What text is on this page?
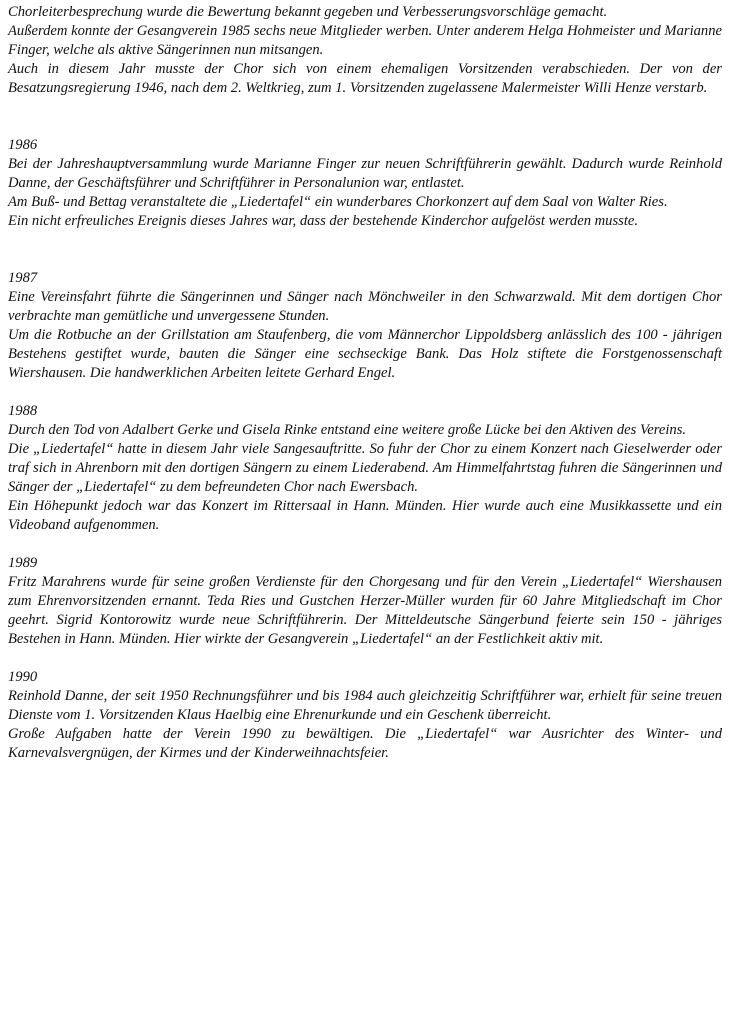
Chorleiterbesprechung wurde die Bewertung bekannt gegeben und Verbesserungsvorschläge gemacht.

Außerdem konnte der Gesangverein 1985 sechs neue Mitglieder werben. Unter anderem Helga Hohmeister und Marianne Finger, welche als aktive Sängerinnen nun mitsangen.

Auch in diesem Jahr musste der Chor sich von einem ehemaligen Vorsitzenden verabschieden. Der von der Besatzungsregierung 1946, nach dem 2. Weltkrieg, zum 1. Vorsitzenden zugelassene Malermeister Willi Henze verstarb.

1986

Bei der Jahreshauptversammlung wurde Marianne Finger zur neuen Schriftführerin gewählt. Dadurch wurde Reinhold Danne, der Geschäftsführer und Schriftführer in Personalunion war, entlastet.

Am Buß- und Bettag veranstaltete die „Liedertafel“ ein wunderbares Chorkonzert auf dem Saal von Walter Ries.

Ein nicht erfreuliches Ereignis dieses Jahres war, dass der bestehende Kinderchor aufgelöst werden musste.

1987

Eine Vereinsfahrt führte die Sängerinnen und Sänger nach Mönchweiler in den Schwarzwald. Mit dem dortigen Chor verbrachte man gemütliche und unvergessene Stunden.

Um die Rotbuche an der Grillstation am Staufenberg, die vom Männerchor Lippoldsberg anlässlich des 100 - jährigen Bestehens gestiftet wurde, bauten die Sänger eine sechseckige Bank. Das Holz stiftete die Forstgenossenschaft Wiershausen. Die handwerklichen Arbeiten leitete Gerhard Engel.

1988

Durch den Tod von Adalbert Gerke und Gisela Rinke entstand eine weitere große Lücke bei den Aktiven des Vereins.

Die „Liedertafel“ hatte in diesem Jahr viele Sangesauftritte. So fuhr der Chor zu einem Konzert nach Gieselwerder oder traf sich in Ahrenborn mit den dortigen Sängern zu einem Liederabend. Am Himmelfahrtstag fuhren die Sängerinnen und Sänger der „Liedertafel“ zu dem befreundeten Chor nach Ewersbach.

Ein Höhepunkt jedoch war das Konzert im Rittersaal in Hann. Münden. Hier wurde auch eine Musikkassette und ein Videoband aufgenommen.

1989

Fritz Marahrens wurde für seine großen Verdienste für den Chorgesang und für den Verein „Liedertafel“ Wiershausen zum Ehrenvorsitzenden ernannt. Teda Ries und Gustchen Herzer-Müller wurden für 60 Jahre Mitgliedschaft im Chor geehrt. Sigrid Kontorowitz wurde neue Schriftführerin. Der Mitteldeutsche Sängerbund feierte sein 150 - jähriges Bestehen in Hann. Münden. Hier wirkte der Gesangverein „Liedertafel“ an der Festlichkeit aktiv mit.

1990

Reinhold Danne, der seit 1950 Rechnungsführer und bis 1984 auch gleichzeitig Schriftführer war, erhielt für seine treuen Dienste vom 1. Vorsitzenden Klaus Haelbig eine Ehrenurkunde und ein Geschenk überreicht.

Große Aufgaben hatte der Verein 1990 zu bewältigen. Die „Liedertafel“ war Ausrichter des Winter- und Karnevalsvergnügen, der Kirmes und der Kinderweihnachtsfeier.
